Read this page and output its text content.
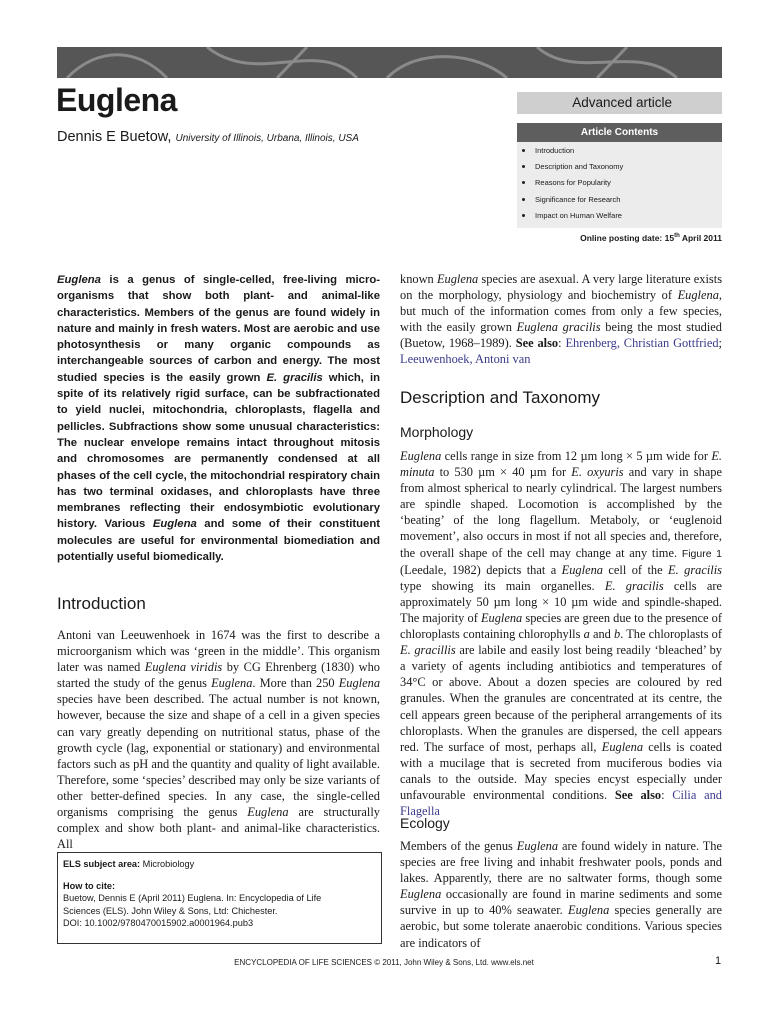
Euglena
Dennis E Buetow, University of Illinois, Urbana, Illinois, USA
Advanced article
Article Contents
Introduction
Description and Taxonomy
Reasons for Popularity
Significance for Research
Impact on Human Welfare
Online posting date: 15th April 2011
Euglena is a genus of single-celled, free-living micro-organisms that show both plant- and animal-like characteristics. Members of the genus are found widely in nature and mainly in fresh waters. Most are aerobic and use photosynthesis or many organic compounds as interchangeable sources of carbon and energy. The most studied species is the easily grown E. gracilis which, in spite of its relatively rigid surface, can be subfractionated to yield nuclei, mitochondria, chloroplasts, flagella and pellicles. Subfractions show some unusual characteristics: The nuclear envelope remains intact throughout mitosis and chromosomes are permanently condensed at all phases of the cell cycle, the mitochondrial respiratory chain has two terminal oxidases, and chloroplasts have three membranes reflecting their endosymbiotic evolutionary history. Various Euglena and some of their constituent molecules are useful for environmental biomediation and potentially useful biomedically.
Introduction
Antoni van Leeuwenhoek in 1674 was the first to describe a microorganism which was ‘green in the middle’. This organism later was named Euglena viridis by CG Ehrenberg (1830) who started the study of the genus Euglena. More than 250 Euglena species have been described. The actual number is not known, however, because the size and shape of a cell in a given species can vary greatly depending on nutritional status, phase of the growth cycle (lag, exponential or stationary) and environmental factors such as pH and the quantity and quality of light available. Therefore, some ‘species’ described may only be size variants of other better-defined species. In any case, the single-celled organisms comprising the genus Euglena are structurally complex and show both plant- and animal-like characteristics. All
ELS subject area: Microbiology
How to cite:
Buetow, Dennis E (April 2011) Euglena. In: Encyclopedia of Life
Sciences (ELS). John Wiley & Sons, Ltd: Chichester.
DOI: 10.1002/9780470015902.a0001964.pub3
known Euglena species are asexual. A very large literature exists on the morphology, physiology and biochemistry of Euglena, but much of the information comes from only a few species, with the easily grown Euglena gracilis being the most studied (Buetow, 1968–1989). See also: Ehrenberg, Christian Gottfried; Leeuwenhoek, Antoni van
Description and Taxonomy
Morphology
Euglena cells range in size from 12 µm long × 5 µm wide for E. minuta to 530 µm × 40 µm for E. oxyuris and vary in shape from almost spherical to nearly cylindrical. The largest numbers are spindle shaped. Locomotion is accomplished by the ‘beating’ of the long flagellum. Metaboly, or ‘euglenoid movement’, also occurs in most if not all species and, therefore, the overall shape of the cell may change at any time. Figure 1 (Leedale, 1982) depicts that a Euglena cell of the E. gracilis type showing its main organelles. E. gracilis cells are approximately 50 µm long × 10 µm wide and spindle-shaped. The majority of Euglena species are green due to the presence of chloroplasts containing chlorophylls a and b. The chloroplasts of E. gracillis are labile and easily lost being readily ‘bleached’ by a variety of agents including antibiotics and temperatures of 34°C or above. About a dozen species are coloured by red granules. When the granules are concentrated at its centre, the cell appears green because of the peripheral arrangements of its chloroplasts. When the granules are dispersed, the cell appears red. The surface of most, perhaps all, Euglena cells is coated with a mucilage that is secreted from muciferous bodies via canals to the outside. May species encyst especially under unfavourable environmental conditions. See also: Cilia and Flagella
Ecology
Members of the genus Euglena are found widely in nature. The species are free living and inhabit freshwater pools, ponds and lakes. Apparently, there are no saltwater forms, though some Euglena occasionally are found in marine sediments and some survive in up to 40% seawater. Euglena species generally are aerobic, but some tolerate anaerobic conditions. Various species are indicators of
ENCYCLOPEDIA OF LIFE SCIENCES © 2011, John Wiley & Sons, Ltd. www.els.net	1
